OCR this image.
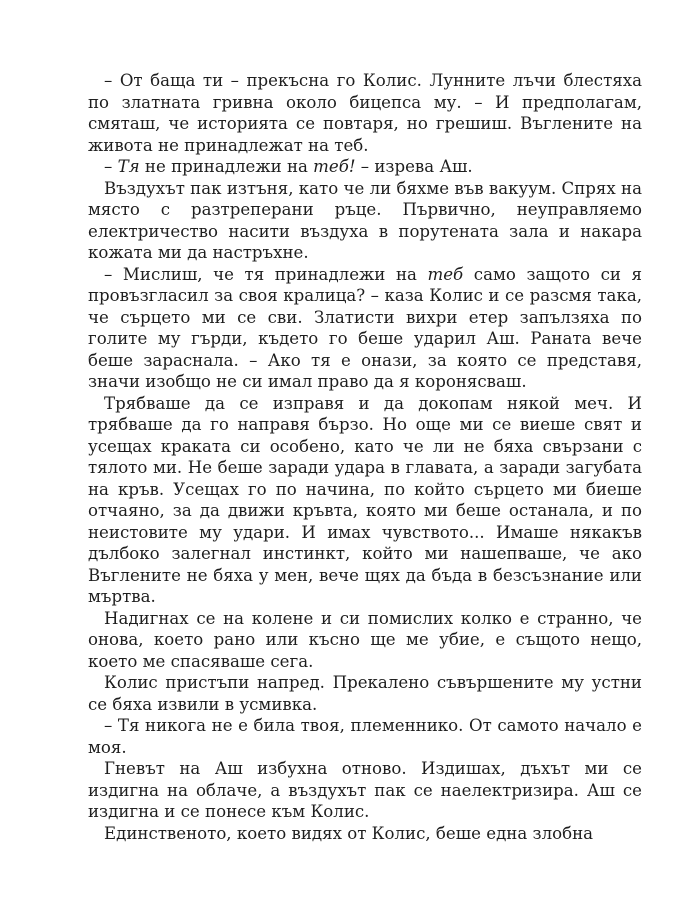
– От баща ти – прекъсна го Колис. Лунните лъчи блестяха по златната гривна около бицепса му. – И предполагам, смяташ, че историята се повтаря, но грешиш. Въглените на живота не принадлежат на теб.

– Тя не принадлежи на теб! – изрева Аш.

Въздухът пак изтъня, като че ли бяхме във вакуум. Спрях на място с разтреперани ръце. Първично, неуправляемо електричество насити въздуха в порутената зала и накара кожата ми да настръхне.

– Мислиш, че тя принадлежи на теб само защото си я провъзгласил за своя кралица? – каза Колис и се разсмя така, че сърцето ми се сви. Златисти вихри етер запълзяха по голите му гърди, където го беше ударил Аш. Раната вече беше зараснала. – Ако тя е онази, за която се представя, значи изобщо не си имал право да я коронясваш.

Трябваше да се изправя и да докопам някой меч. И трябваше да го направя бързо. Но още ми се виеше свят и усещах краката си особено, като че ли не бяха свързани с тялото ми. Не беше заради удара в главата, а заради загубата на кръв. Усещах го по начина, по който сърцето ми биеше отчаяно, за да движи кръвта, която ми беше останала, и по неистовите му удари. И имах чувството... Имаше някакъв дълбоко залегнал инстинкт, който ми нашепваше, че ако Въглените не бяха у мен, вече щях да бъда в безсъзнание или мъртва.

Надигнах се на колене и си помислих колко е странно, че онова, което рано или късно ще ме убие, е същото нещо, което ме спасяваше сега.

Колис пристъпи напред. Прекалено съвършените му устни се бяха извили в усмивка.

– Тя никога не е била твоя, племеннико. От самото начало е моя.

Гневът на Аш избухна отново. Издишах, дъхът ми се издигна на облаче, а въздухът пак се наелектризира. Аш се издигна и се понесе към Колис.

Единственото, което видях от Колис, беше една злобна
